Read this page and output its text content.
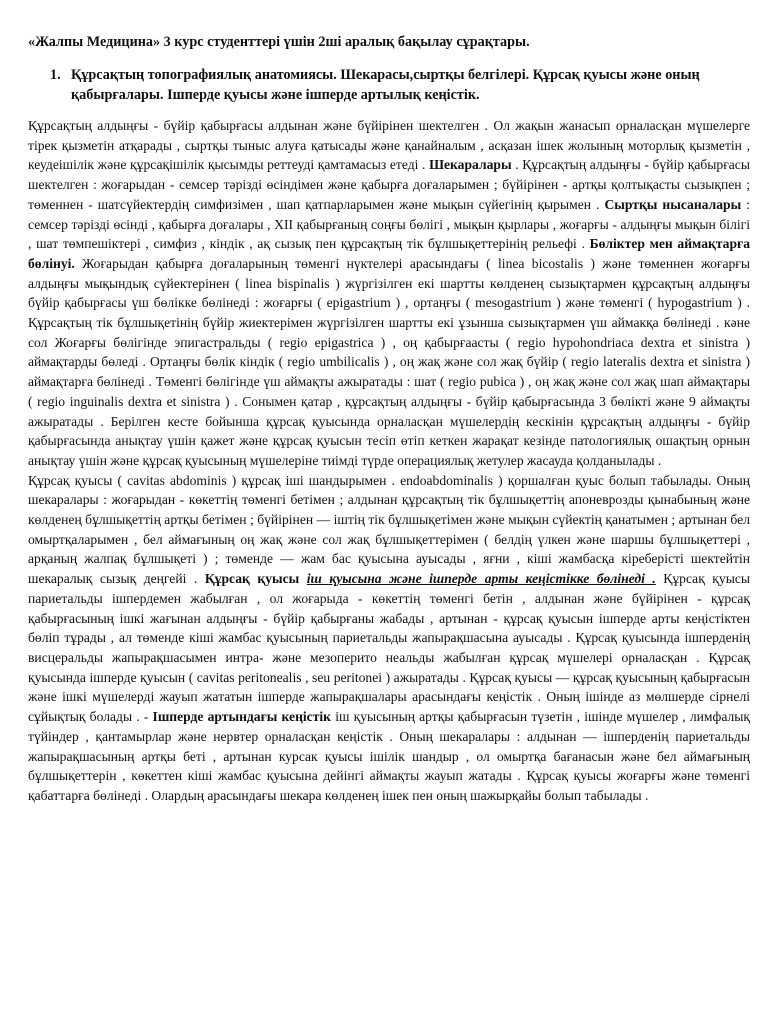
«Жалпы Медицина» 3 курс студенттері үшін 2ші аралық бақылау сұрақтары.

1. Құрсақтың топографиялық анатомиясы. Шекарасы,сыртқы белгілері. Құрсақ қуысы және оның қабырғалары. Ішперде қуысы және ішперде артылық кеңістік.

Құрсақтың алдыңғы - бүйір қабырғасы алдынан және бүйірінен шектелген . Ол жақын жанасып орналасқан мүшелерге тірек қызметін атқарады , сыртқы тыныс алуға қатысады және қанайналым , асқазан ішек жолының моторлық қызметін , кеудеішілік және құрсақішілік қысымды реттеуді қамтамасыз етеді . Шекаралары . Құрсақтың алдыңғы - бүйір қабырғасы шектелген : жоғарыдан - семсер тәрізді өсіндімен және қабырға доғаларымен ; бүйірінен - артқы қолтықасты сызықпен ; төменнен - шатсүйектердің симфизімен , шап қатпарларымен және мықын сүйегінің қырымен . Сыртқы нысаналары : семсер тәрізді өсінді , қабырға доғалары , XII қабырғаның соңғы бөлігі , мықын қырлары , жоғарғы - алдыңғы мықын білігі , шат төмпешіктері , симфиз , кіндік , ақ сызық пен құрсақтың тік бұлшықеттерінің рельефі . Бөліктер мен аймақтарға бөлінуі. Жоғарыдан қабырға доғаларының төменгі нүктелері арасындағы ( linea bicostalis ) және төменнен жоғарғы алдыңғы мықындық сүйектерінен ( linea bispinalis ) жүргізілген екі шартты көлденең сызықтармен құрсақтың алдыңғы бүйір қабырғасы үш бөлікке бөлінеді : жоғарғы ( epigastrium ) , ортаңғы ( mesogastrium ) және төменгі ( hypogastrium ) . Құрсақтың тік бұлшықетінің бүйір жиектерімен жүргізілген шартты екі ұзынша сызықтармен үш аймакқа бөлінеді . кәне сол Жоғарғы бөлігінде эпигастральды ( regio epigastrica ) , оң қабырғаасты ( regio hypohondriaca dextra et sinistra ) аймақтарды бөледі . Ортаңғы бөлік кіндік ( regio umbilicalis ) , оң жақ және сол жақ бүйір ( regio lateralis dextra et sinistra ) аймақтарға бөлінеді . Төменгі бөлігінде үш аймақты ажыратады : шат ( regio pubica ) , оң жақ және сол жақ шап аймақтары ( regio inguinalis dextra et sinistra ) . Сонымен қатар , құрсақтың алдыңғы - бүйір қабырғасында 3 бөлікті және 9 аймақты ажыратады . Берілген кесте бойынша құрсақ қуысында орналасқан мүшелердің кескінін құрсақтың алдыңғы - бүйір қабырғасында анықтау үшін қажет және құрсақ қуысын тесіп өтіп кеткен жарақат кезінде патологиялық ошақтың орнын анықтау үшін және құрсақ қуысының мүшелеріне тиімді түрде операциялық жетулер жасауда қолданылады .

Құрсақ қуысы ( cavitas abdominis ) құрсақ іші шандырымен . endoabdominalis ) қоршалған қуыс болып табылады. Оның шекаралары : жоғарыдан - көкеттің төменгі бетімен ; алдынан құрсақтың тік бұлшықеттің апоневрозды қынабының және көлденең бұлшықеттің артқы бетімен ; бүйірінен — іштің тік бұлшықетімен және мықын сүйектің қанатымен ; артынан бел омыртқаларымен , бел аймағының оң жақ және сол жақ бұлшықеттерімен ( белдің үлкен және шаршы бұлшықеттері , арқаның жалпақ бұлшықеті ) ; төменде — жам бас қуысына ауысады , яғни , кіші жамбасқа кіреберісті шектейтін шекаралық сызық деңгейі . Құрсақ қуысы іш қуысына және ішперде арты кеңістікке бөлінеді . Құрсақ қуысы париетальды ішпердемен жабылған , ол жоғарыда - көкеттің төменгі бетін , алдынан және бүйірінен - құрсақ қабырғасының ішкі жағынан алдыңғы - бүйір қабырғаны жабады , артынан - құрсақ қуысын ішперде арты кеңістіктен бөліп тұрады , ал төменде кіші жамбас қуысының париетальды жапырақшасына ауысады . Құрсақ қуысында ішперденің висцеральды жапырақшасымен интра- және мезоперито неальды жабылған құрсақ мүшелері орналасқан . Құрсақ қуысында ішперде қуысын ( cavitas peritonealis , seu peritonei ) ажыратады . Құрсақ қуысы — құрсақ қуысының қабырғасын және ішкі мүшелерді жауып жататын ішперде жапырақшалары арасындағы кеңістік . Оның ішінде аз мөлшерде сірнелі сұйықтық болады . - Ішперде артындағы кеңістік іш қуысының артқы қабырғасын түзетін , ішінде мүшелер , лимфалық түйіндер , қантамырлар және нервтер орналасқан кеңістік . Оның шекаралары : алдынан — ішперденің париетальды жапырақшасының артқы беті , артынан курсак қуысы ішілік шандыр , ол омыртқа бағанасын және бел аймағының бұлшықеттерін , көкеттен кіші жамбас қуысына дейінгі аймақты жауып жатады . Құрсақ қуысы жоғарғы және төменгі қабаттарға бөлінеді . Олардың арасындағы шекара көлденең ішек пен оның шажырқайы болып табылады .
